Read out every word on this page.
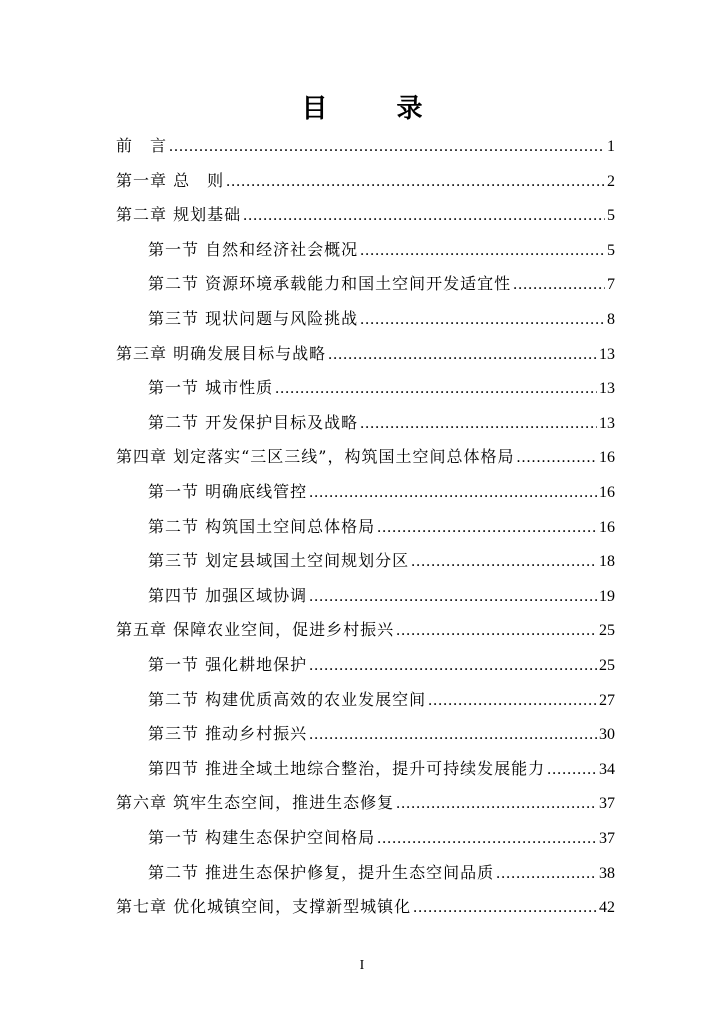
目 录
前　言 .....	1
第一章 总　则 .....	2
第二章 规划基础 .....	5
第一节 自然和经济社会概况 .....	5
第二节 资源环境承载能力和国土空间开发适宜性 .....	7
第三节 现状问题与风险挑战 .....	8
第三章 明确发展目标与战略 .....	13
第一节 城市性质 .....	13
第二节 开发保护目标及战略 .....	13
第四章 划定落实“三区三线”，构筑国土空间总体格局 .....	16
第一节 明确底线管控 .....	16
第二节 构筑国土空间总体格局 .....	16
第三节 划定县域国土空间规划分区 .....	18
第四节 加强区域协调 .....	19
第五章 保障农业空间，促进乡村振兴 .....	25
第一节 强化耕地保护 .....	25
第二节 构建优质高效的农业发展空间 .....	27
第三节 推动乡村振兴 .....	30
第四节 推进全域土地综合整治，提升可持续发展能力 .....	34
第六章 筑牢生态空间，推进生态修复 .....	37
第一节 构建生态保护空间格局 .....	37
第二节 推进生态保护修复，提升生态空间品质 .....	38
第七章 优化城镇空间，支撑新型城镇化 .....	42
I
